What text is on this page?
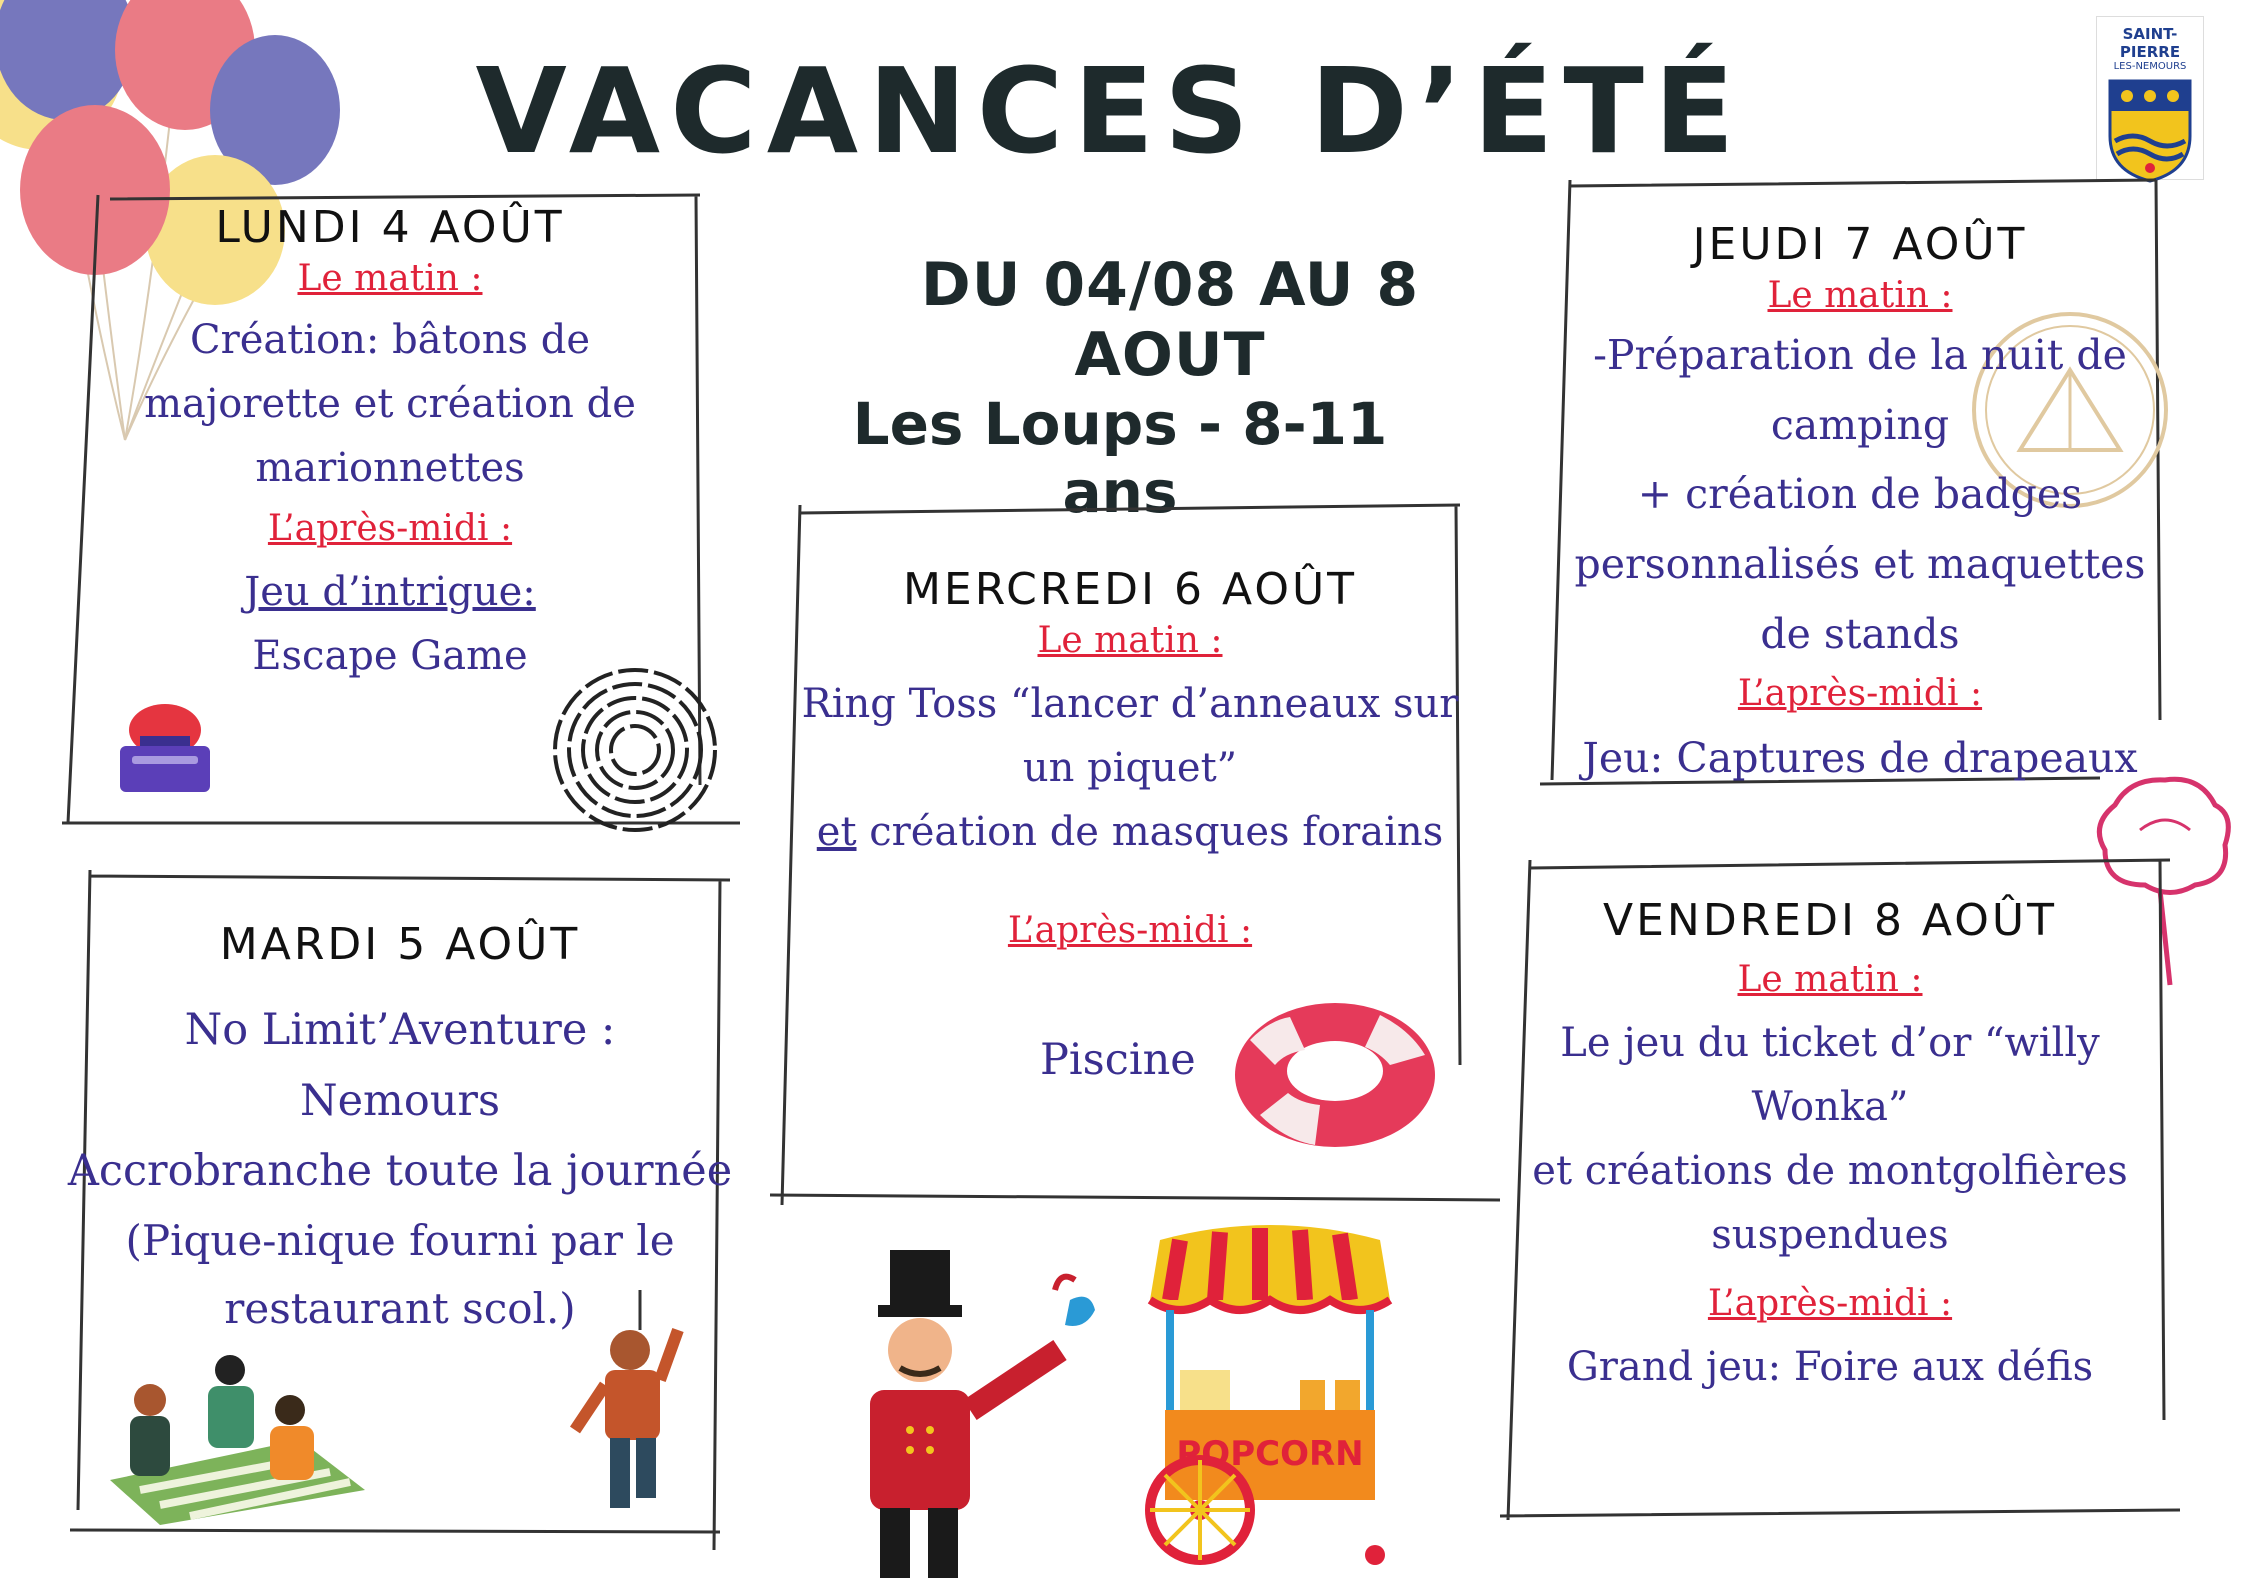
VACANCES D’ÉTÉ
SAINT-PIERRE
LES-NEMOURS
DU 04/08 AU 8 AOUT
Les Loups - 8-11 ans
LUNDI 4 AOÛT
Le matin :
Création: bâtons de
majorette et création de
marionnettes
L’après-midi :
Jeu d’intrigue:
Escape Game
MARDI 5 AOÛT
No Limit’Aventure :
Nemours
Accrobranche toute la journée
(Pique-nique fourni par le
restaurant scol.)
MERCREDI 6 AOÛT
Le matin :
Ring Toss “lancer d’anneaux sur
un piquet”
et création de masques forains
L’après-midi :
Piscine
JEUDI 7 AOÛT
Le matin :
-Préparation de la nuit de
camping
+ création de badges
personnalisés et maquettes
de stands
L’après-midi :
Jeu: Captures de drapeaux
VENDREDI 8 AOÛT
Le matin :
Le jeu du ticket d’or “willy
Wonka”
et créations de montgolfières
suspendues
L’après-midi :
Grand jeu: Foire aux défis
POPCORN
